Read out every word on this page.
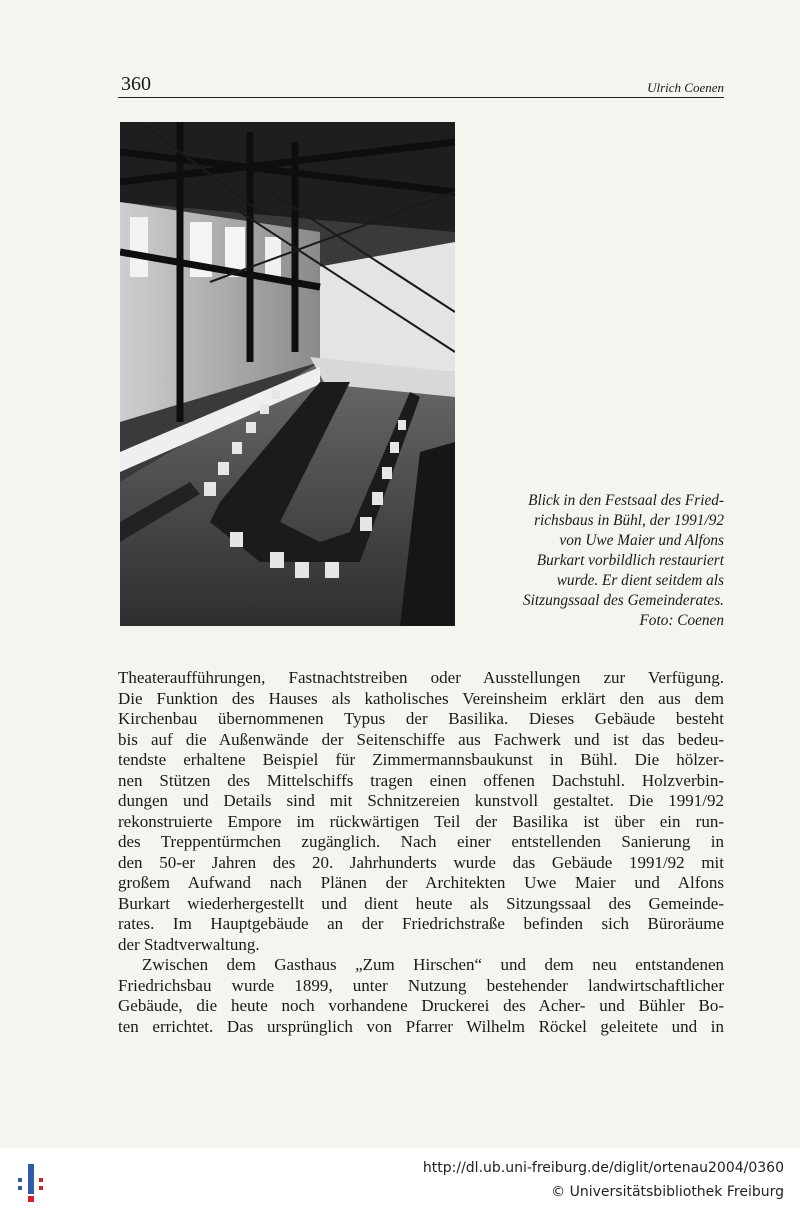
360	Ulrich Coenen
Blick in den Festsaal des Fried-
richsbaus in Bühl, der 1991/92
von Uwe Maier und Alfons
Burkart vorbildlich restauriert
wurde. Er dient seitdem als
Sitzungssaal des Gemeinderates.
Foto: Coenen

Theateraufführungen, Fastnachtstreiben oder Ausstellungen zur Verfügung.
Die Funktion des Hauses als katholisches Vereinsheim erklärt den aus dem
Kirchenbau übernommenen Typus der Basilika. Dieses Gebäude besteht
bis auf die Außenwände der Seitenschiffe aus Fachwerk und ist das bedeu-
tendste erhaltene Beispiel für Zimmermannsbaukunst in Bühl. Die hölzer-
nen Stützen des Mittelschiffs tragen einen offenen Dachstuhl. Holzverbin-
dungen und Details sind mit Schnitzereien kunstvoll gestaltet. Die 1991/92
rekonstruierte Empore im rückwärtigen Teil der Basilika ist über ein run-
des Treppentürmchen zugänglich. Nach einer entstellenden Sanierung in
den 50-er Jahren des 20. Jahrhunderts wurde das Gebäude 1991/92 mit
großem Aufwand nach Plänen der Architekten Uwe Maier und Alfons
Burkart wiederhergestellt und dient heute als Sitzungssaal des Gemeinde-
rates. Im Hauptgebäude an der Friedrichstraße befinden sich Büroräume
der Stadtverwaltung.

Zwischen dem Gasthaus „Zum Hirschen“ und dem neu entstandenen
Friedrichsbau wurde 1899, unter Nutzung bestehender landwirtschaftlicher
Gebäude, die heute noch vorhandene Druckerei des Acher- und Bühler Bo-
ten errichtet. Das ursprünglich von Pfarrer Wilhelm Röckel geleitete und in

http://dl.ub.uni-freiburg.de/diglit/ortenau2004/0360
© Universitätsbibliothek Freiburg
